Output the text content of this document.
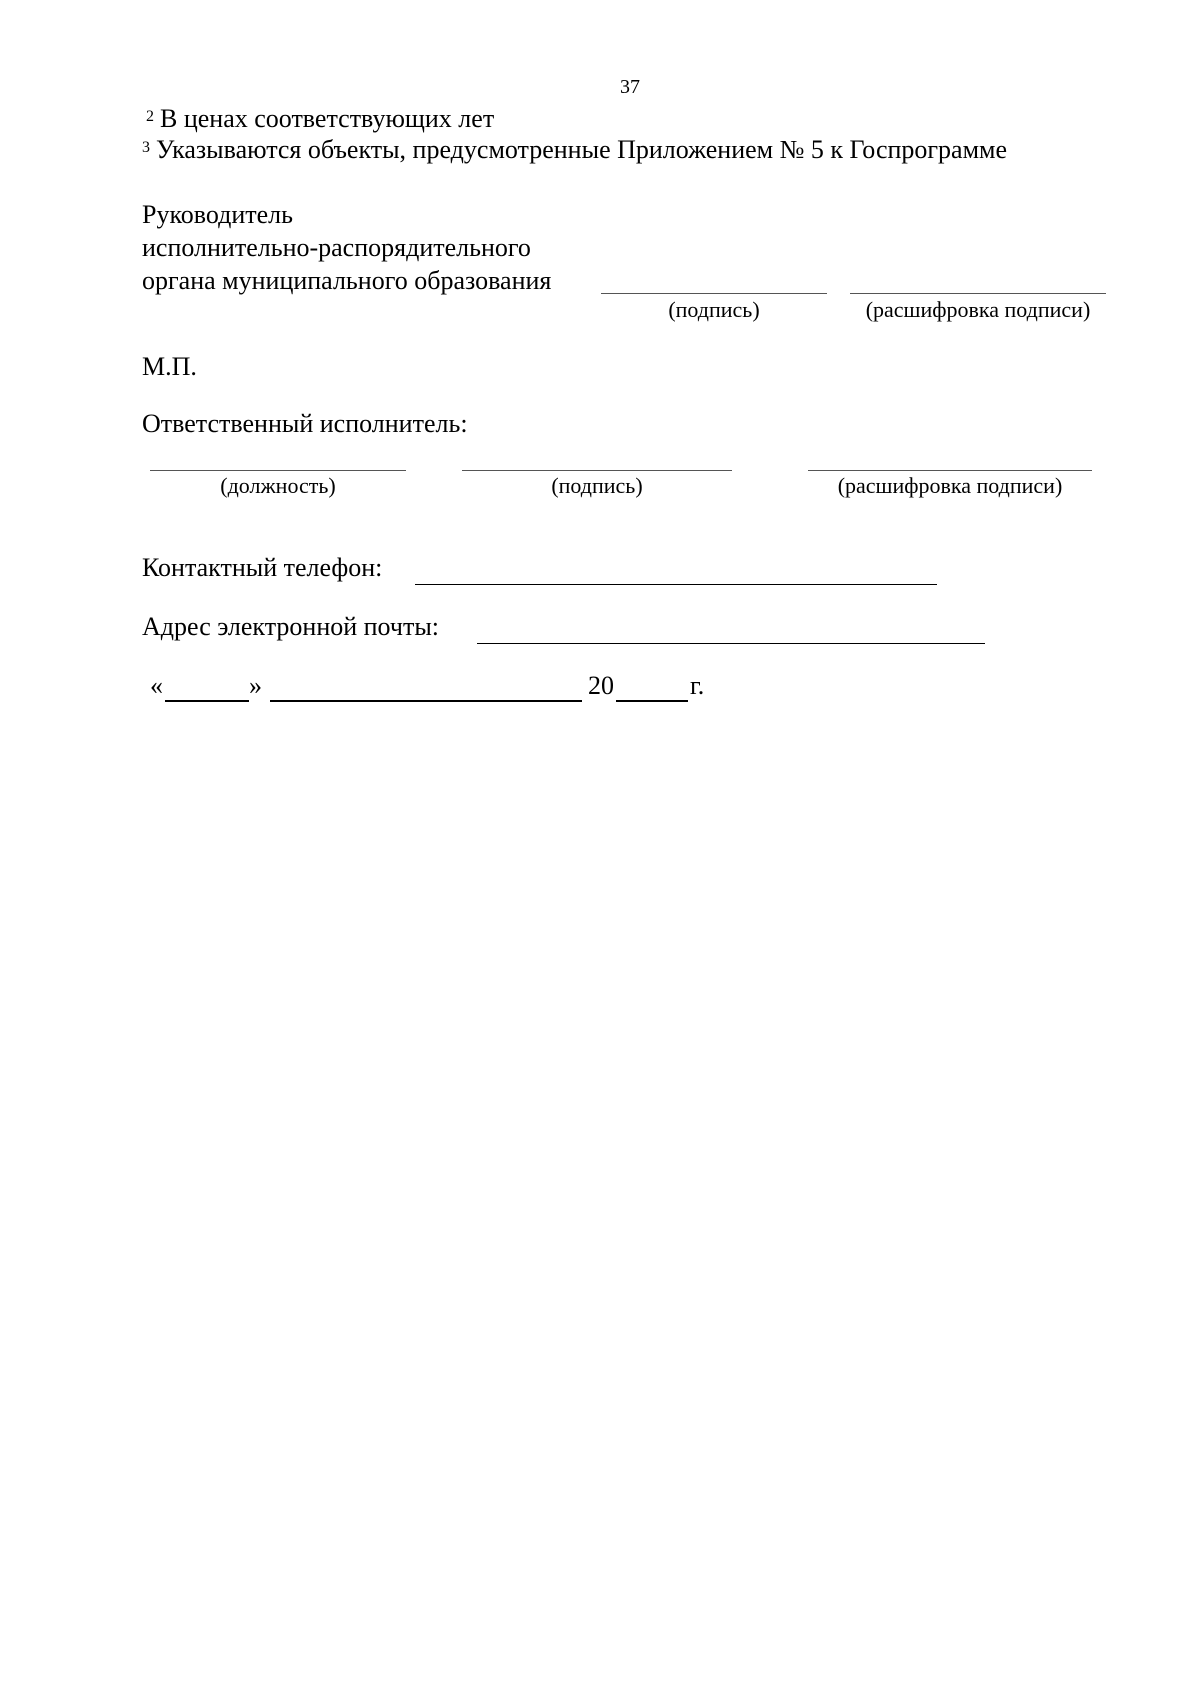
37
$^2$ В ценах соответствующих лет
$^3$ Указываются объекты, предусмотренные Приложением № 5 к Госпрограмме
Руководитель
исполнительно-распорядительного
органа муниципального образования
(подпись)	(расшифровка подписи)
М.П.
Ответственный исполнитель:
(должность)	(подпись)	(расшифровка подписи)
Контактный телефон:
Адрес электронной почты:
«	»	20	г.
